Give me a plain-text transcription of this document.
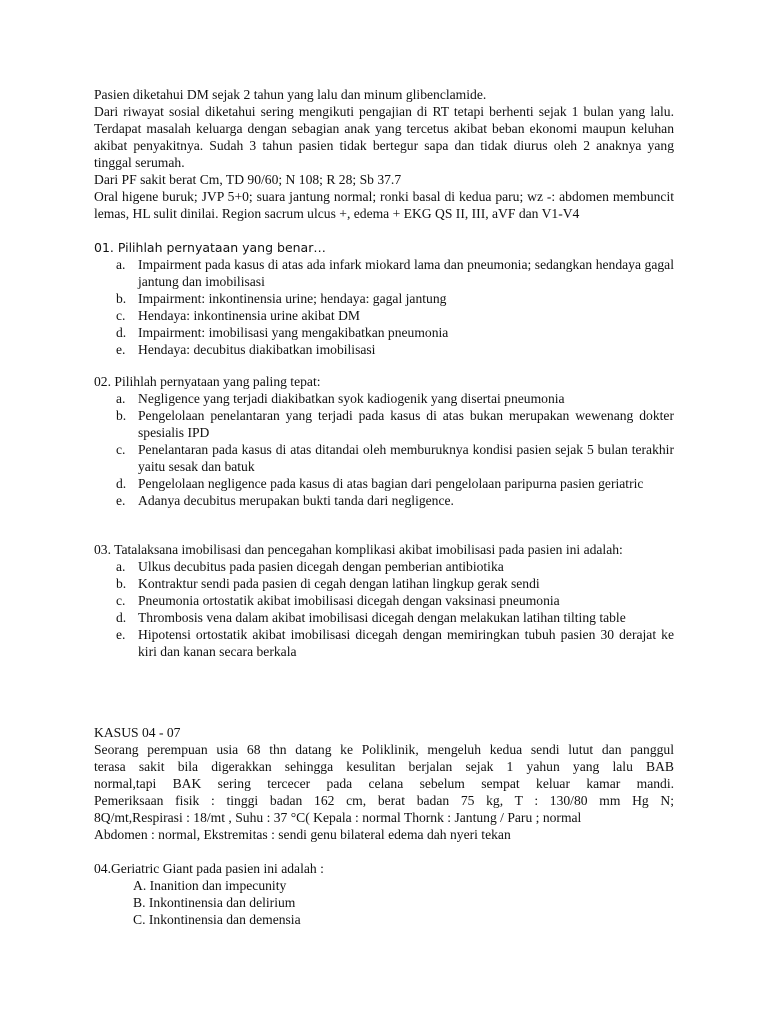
Pasien diketahui DM sejak 2 tahun yang lalu dan minum glibenclamide.
Dari riwayat sosial diketahui sering mengikuti pengajian di RT tetapi berhenti sejak 1 bulan yang lalu. Terdapat masalah keluarga dengan sebagian anak yang tercetus akibat beban ekonomi maupun keluhan akibat penyakitnya. Sudah 3 tahun pasien tidak bertegur sapa dan tidak diurus oleh 2 anaknya yang tinggal serumah.
Dari PF sakit berat Cm, TD 90/60; N 108; R 28; Sb 37.7
Oral higene buruk; JVP 5+0; suara jantung normal; ronki basal di kedua paru; wz -: abdomen membuncit lemas, HL sulit dinilai. Region sacrum ulcus +, edema + EKG QS II, III, aVF dan V1-V4
01. Pilihlah pernyataan yang benar…
a. Impairment pada kasus di atas ada infark miokard lama dan pneumonia; sedangkan hendaya gagal jantung dan imobilisasi
b. Impairment: inkontinensia urine; hendaya: gagal jantung
c. Hendaya: inkontinensia urine akibat DM
d. Impairment: imobilisasi yang mengakibatkan pneumonia
e. Hendaya: decubitus diakibatkan imobilisasi
02. Pilihlah pernyataan yang paling tepat:
a. Negligence yang terjadi diakibatkan syok kadiogenik yang disertai pneumonia
b. Pengelolaan penelantaran yang terjadi pada kasus di atas bukan merupakan wewenang dokter spesialis IPD
c. Penelantaran pada kasus di atas ditandai oleh memburuknya kondisi pasien sejak 5 bulan terakhir yaitu sesak dan batuk
d. Pengelolaan negligence pada kasus di atas bagian dari pengelolaan paripurna pasien geriatric
e. Adanya decubitus merupakan bukti tanda dari negligence.
03. Tatalaksana imobilisasi dan pencegahan komplikasi akibat imobilisasi pada pasien ini adalah:
a. Ulkus decubitus pada pasien dicegah dengan pemberian antibiotika
b. Kontraktur sendi pada pasien di cegah dengan latihan lingkup gerak sendi
c. Pneumonia ortostatik akibat imobilisasi dicegah dengan vaksinasi pneumonia
d. Thrombosis vena dalam akibat imobilisasi dicegah dengan melakukan latihan tilting table
e. Hipotensi ortostatik akibat imobilisasi dicegah dengan memiringkan tubuh pasien 30 derajat ke kiri dan kanan secara berkala
KASUS 04 - 07
Seorang perempuan usia 68 thn datang ke Poliklinik, mengeluh kedua sendi lutut dan panggul
terasa sakit bila digerakkan sehingga kesulitan berjalan sejak 1 yahun yang lalu BAB
normal,tapi BAK sering tercecer pada celana sebelum sempat keluar kamar mandi.
Pemeriksaan fisik : tinggi badan 162 cm, berat badan 75 kg, T : 130/80 mm Hg N;
8Q/mt,Respirasi : 18/mt , Suhu : 37 °C( Kepala : normal Thornk : Jantung / Paru ; normal
Abdomen : normal, Ekstremitas : sendi genu bilateral edema dah nyeri tekan
04.Geriatric Giant pada pasien ini adalah :
A. Inanition dan impecunity
B. Inkontinensia dan delirium
C. Inkontinensia dan demensia
